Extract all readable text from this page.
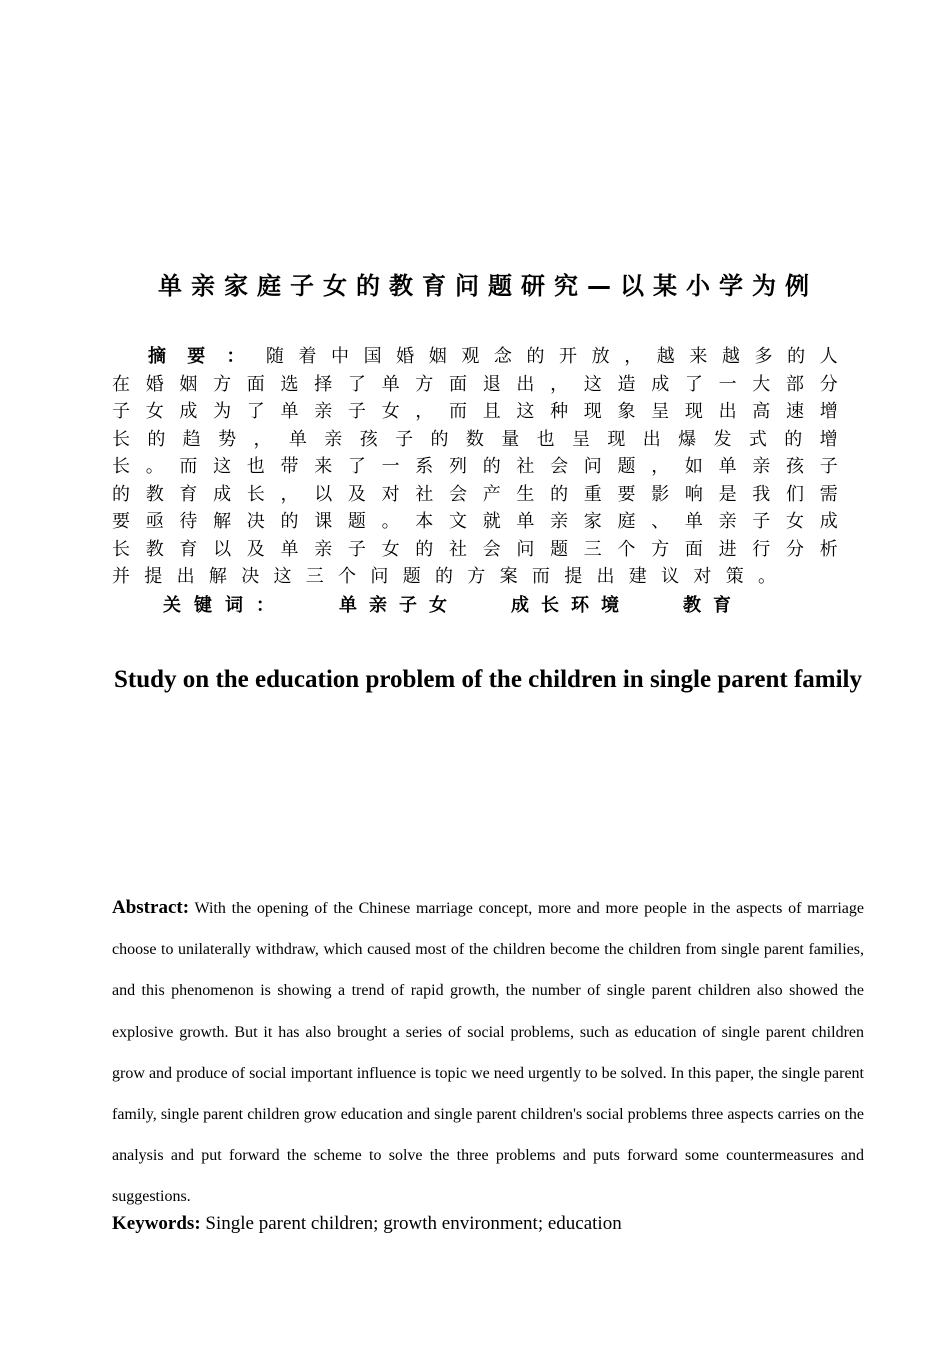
单亲家庭子女的教育问题研究—以某小学为例

摘要：随着中国婚姻观念的开放，越来越多的人在婚姻方面选择了单方面退出，这造成了一大部分子女成为了单亲子女，而且这种现象呈现出高速增长的趋势，单亲孩子的数量也呈现出爆发式的增长。而这也带来了一系列的社会问题，如单亲孩子的教育成长，以及对社会产生的重要影响是我们需要亟待解决的课题。本文就单亲家庭、单亲子女成长教育以及单亲子女的社会问题三个方面进行分析并提出解决这三个问题的方案而提出建议对策。

关键词：	单亲子女	成长环境	教育

Study on the education problem of the children in single parent family

Abstract: With the opening of the Chinese marriage concept, more and more people in the aspects of marriage choose to unilaterally withdraw, which caused most of the children become the children from single parent families, and this phenomenon is showing a trend of rapid growth, the number of single parent children also showed the explosive growth. But it has also brought a series of social problems, such as education of single parent children grow and produce of social important influence is topic we need urgently to be solved. In this paper, the single parent family, single parent children grow education and single parent children's social problems three aspects carries on the analysis and put forward the scheme to solve the three problems and puts forward some countermeasures and suggestions.

Keywords: Single parent children; growth environment; education
